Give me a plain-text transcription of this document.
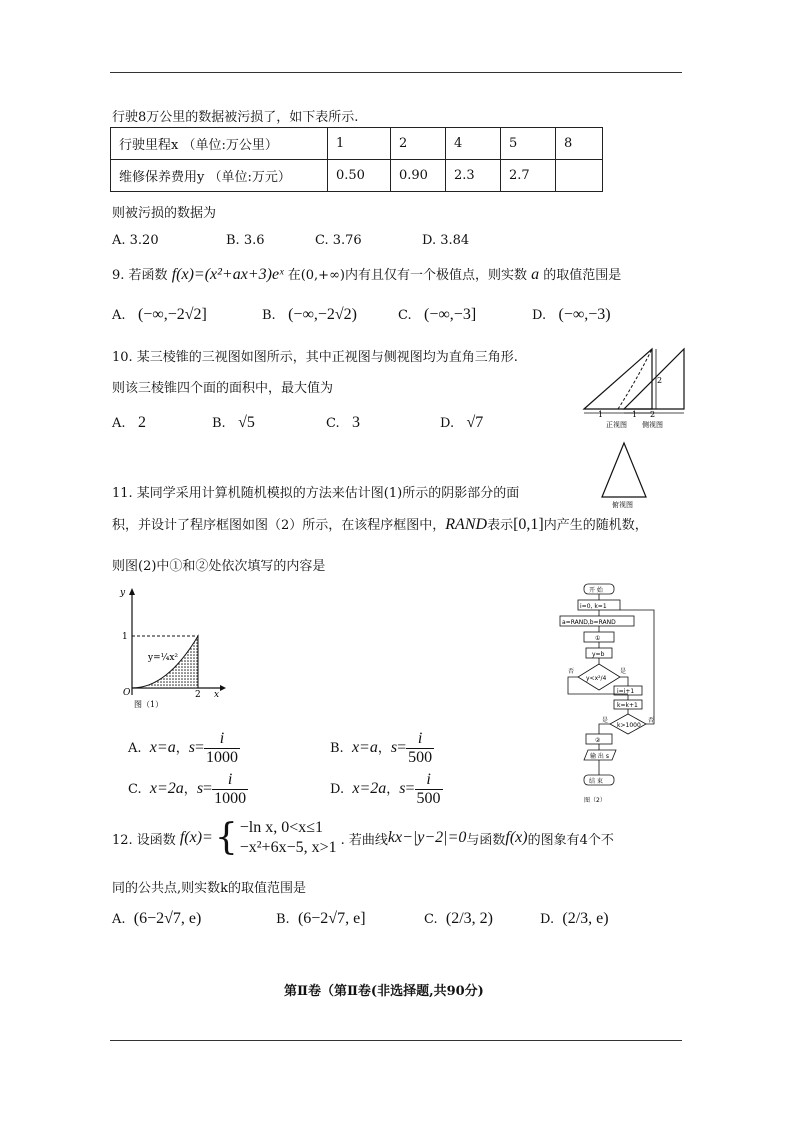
行驶8万公里的数据被污损了，如下表所示.
行驶里程x （单位:万公里）	1	2	4	5	8
维修保养费用y （单位:万元）	0.50	0.90	2.3	2.7	
则被污损的数据为
A. 3.20	B. 3.6	C. 3.76	D. 3.84
9. 若函数 f(x)=(x²+ax+3)eˣ 在(0,+∞)内有且仅有一个极值点，则实数 a 的取值范围是
A. (−∞,−2√2]	B. (−∞,−2√2)	C. (−∞,−3]	D. (−∞,−3)
10. 某三棱锥的三视图如图所示，其中正视图与侧视图均为直角三角形.
则该三棱锥四个面的面积中，最大值为
A. 2	B. √5	C. 3	D. √7
2
1	1
正视图
2
侧视图
俯视图
11. 某同学采用计算机随机模拟的方法来估计图(1)所示的阴影部分的面
积，并设计了程序框图如图（2）所示，在该程序框图中，RAND表示[0,1]内产生的随机数，
则图(2)中①和②处依次填写的内容是
y
x
O
1
2
y=¼x²
图（1）
开 始
i=0, k=1
a=RAND,b=RAND
①
y=b
y<x²/4
否	是
i=i+1
k=k+1
k>1000
是	否
②
输 出 s
结 束
图（2）
A. x=a，$s= \frac{i}{1000}$	B. x=a，$s= \frac{i}{500}$
C. x=2a，$s= \frac{i}{1000}$	D. x=2a，$s= \frac{i}{500}$
12. 设函数 f(x)= { −ln x, 0<x≤1
−x²+6x−5, x>1 . 若曲线 kx−|y−2|=0 与函数 f(x) 的图象有4个不
同的公共点,则实数k的取值范围是
A. (6−2√7, e)	B. (6−2√7, e]	C. (2/3, 2)	D. (2/3, e)
第Ⅱ卷（第Ⅱ卷(非选择题,共90分)
